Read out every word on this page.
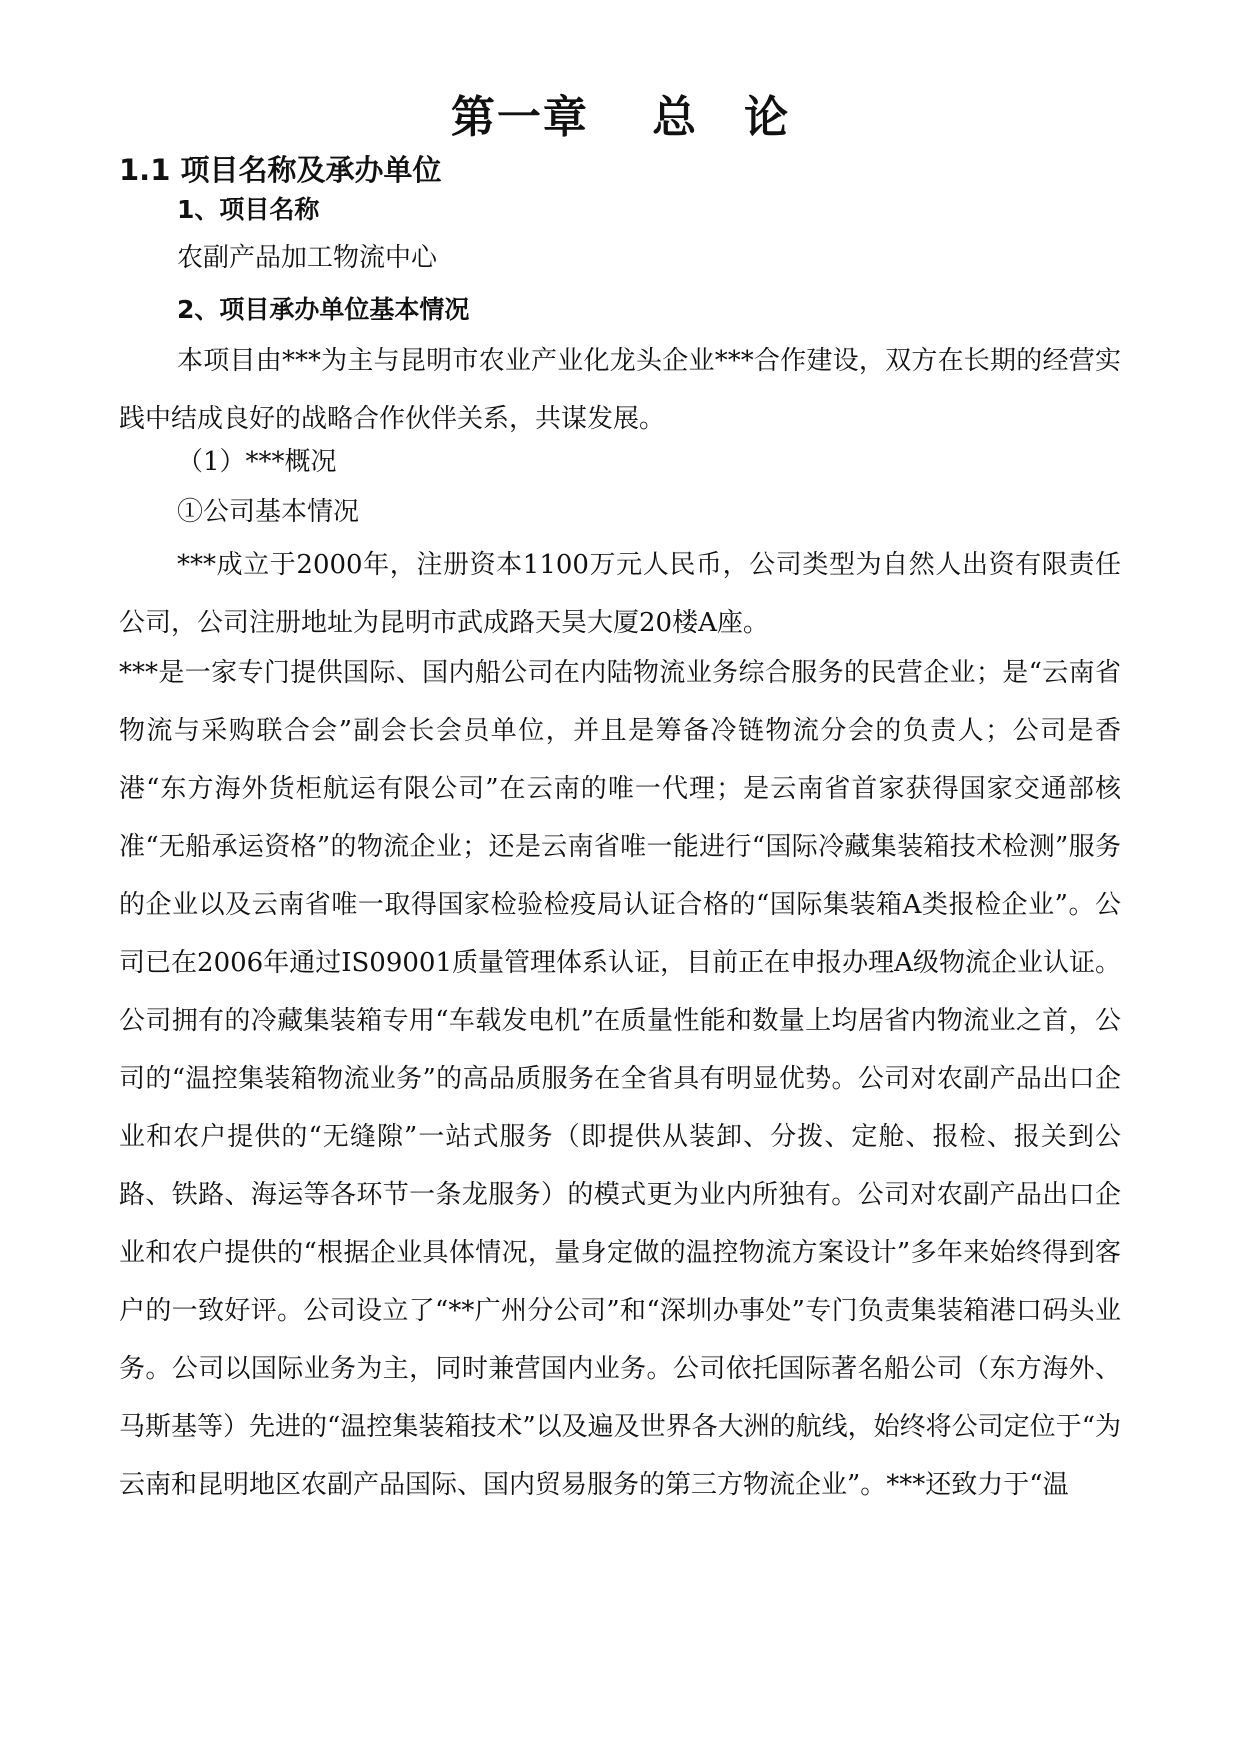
第一章　 总　论
1.1 项目名称及承办单位
1、项目名称

农副产品加工物流中心

2、项目承办单位基本情况

本项目由***为主与昆明市农业产业化龙头企业***合作建设，双方在长期的经营实践中结成良好的战略合作伙伴关系，共谋发展。

（1）***概况

①公司基本情况

***成立于2000年，注册资本1100万元人民币，公司类型为自然人出资有限责任公司，公司注册地址为昆明市武成路天昊大厦20楼A座。

***是一家专门提供国际、国内船公司在内陆物流业务综合服务的民营企业；是“云南省物流与采购联合会”副会长会员单位，并且是筹备冷链物流分会的负责人；公司是香港“东方海外货柜航运有限公司”在云南的唯一代理；是云南省首家获得国家交通部核准“无船承运资格”的物流企业；还是云南省唯一能进行“国际冷藏集装箱技术检测”服务的企业以及云南省唯一取得国家检验检疫局认证合格的“国际集装箱A类报检企业”。公司已在2006年通过IS09001质量管理体系认证，目前正在申报办理A级物流企业认证。公司拥有的冷藏集装箱专用“车载发电机”在质量性能和数量上均居省内物流业之首，公司的“温控集装箱物流业务”的高品质服务在全省具有明显优势。公司对农副产品出口企业和农户提供的“无缝隙”一站式服务（即提供从装卸、分拨、定舱、报检、报关到公路、铁路、海运等各环节一条龙服务）的模式更为业内所独有。公司对农副产品出口企业和农户提供的“根据企业具体情况，量身定做的温控物流方案设计”多年来始终得到客户的一致好评。公司设立了“**广州分公司”和“深圳办事处”专门负责集装箱港口码头业务。公司以国际业务为主，同时兼营国内业务。公司依托国际著名船公司（东方海外、马斯基等）先进的“温控集装箱技术”以及遍及世界各大洲的航线，始终将公司定位于“为云南和昆明地区农副产品国际、国内贸易服务的第三方物流企业”。***还致力于“温
